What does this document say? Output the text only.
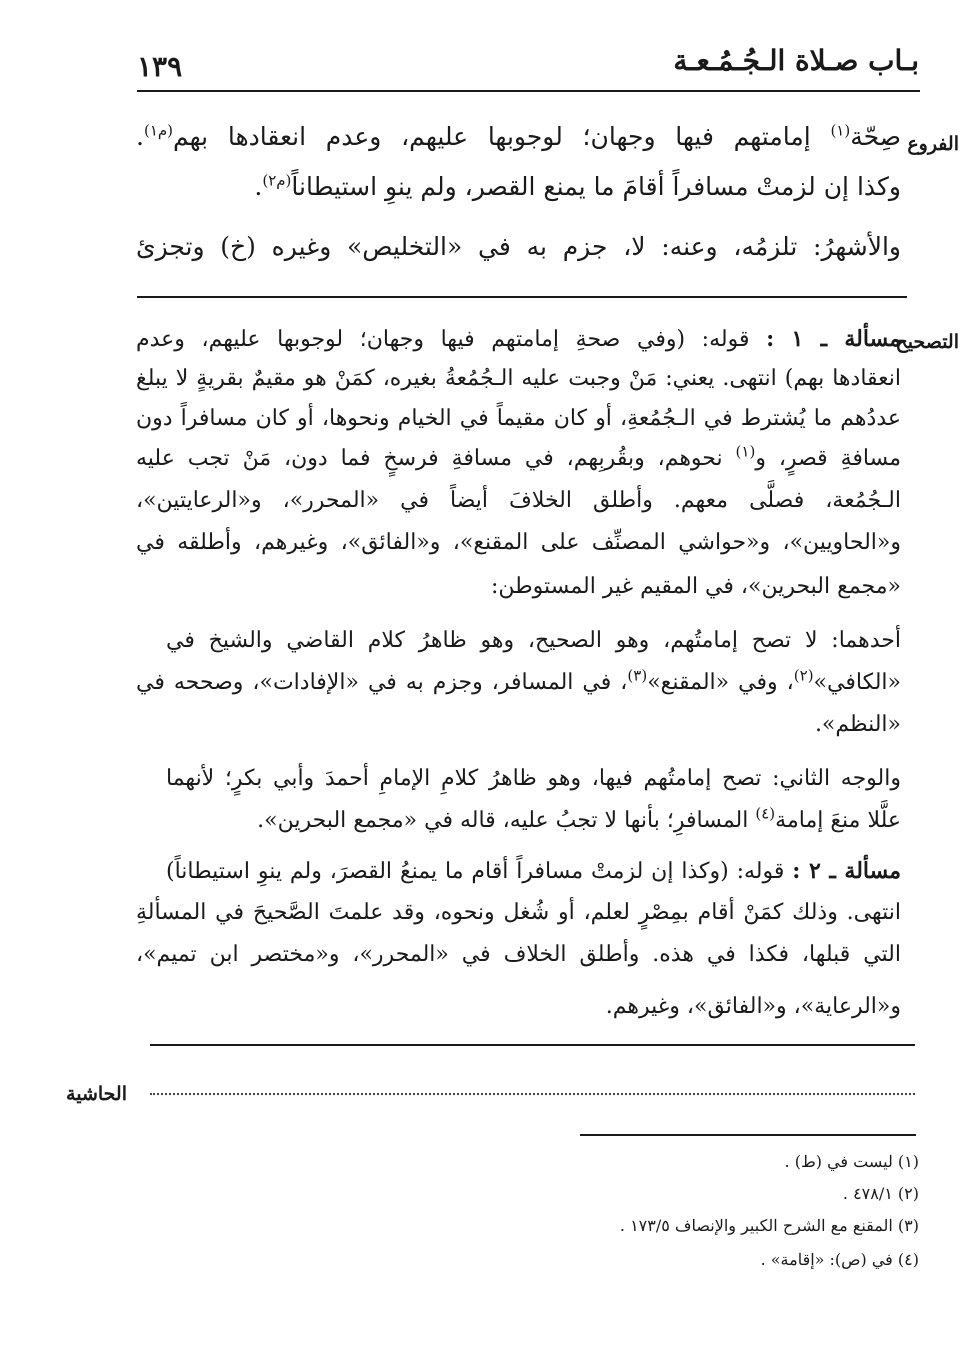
بـاب صـلاة الـجُـمُـعـة
١٣٩
الفروع
صِحّة$^{(١)}$ إمامتهم فيها وجهان؛ لوجوبها عليهم، وعدم انعقادها بهم$^{(م١)}$.
وكذا إن لزمتْ مسافراً أقامَ ما يمنع القصر، ولم ينوِ استيطاناً$^{(م٢)}$.
والأشهرُ: تلزمُه، وعنه: لا، جزم به في «التخليص» وغيره (خ) وتجزئ
التصحيح
مسألة ـ ١ : قوله: (وفي صحةِ إمامتهم فيها وجهان؛ لوجوبها عليهم، وعدم
انعقادها بهم) انتهى. يعني: مَنْ وجبت عليه الـجُمُعةُ بغيره، كمَنْ هو مقيمٌ بقريةٍ لا يبلغ
عددُهم ما يُشترط في الـجُمُعةِ، أو كان مقيماً في الخيام ونحوها، أو كان مسافراً دون
مسافةِ قصرٍ، و$^{(١)}$ نحوهم، وبقُربِهم، في مسافةِ فرسخٍ فما دون، مَنْ تجب عليه
الـجُمُعة، فصلَّى معهم. وأطلق الخلافَ أيضاً في «المحرر»، و«الرعايتين»،
و«الحاويين»، و«حواشي المصنِّف على المقنع»، و«الفائق»، وغيرهم، وأطلقه في
«مجمع البحرين»، في المقيم غير المستوطن:
أحدهما: لا تصح إمامتُهم، وهو الصحيح، وهو ظاهرُ كلام القاضي والشيخ في
«الكافي»$^{(٢)}$، وفي «المقنع»$^{(٣)}$، في المسافر، وجزم به في «الإفادات»، وصححه في
«النظم».
والوجه الثاني: تصح إمامتُهم فيها، وهو ظاهرُ كلامِ الإمامِ أحمدَ وأبي بكرٍ؛ لأنهما
علَّلا منعَ إمامة$^{(٤)}$ المسافرِ؛ بأنها لا تجبُ عليه، قاله في «مجمع البحرين».
مسألة ـ ٢ : قوله: (وكذا إن لزمتْ مسافراً أقام ما يمنعُ القصرَ، ولم ينوِ استيطاناً)
انتهى. وذلك كمَنْ أقام بمِصْرٍ لعلم، أو شُغل ونحوه، وقد علمتَ الصَّحيحَ في المسألةِ
التي قبلها، فكذا في هذه. وأطلق الخلاف في «المحرر»، و«مختصر ابن تميم»،
و«الرعاية»، و«الفائق»، وغيرهم.
الحاشية
(١) ليست في (ط) .
(٢) ٤٧٨/١ .
(٣) المقنع مع الشرح الكبير والإنصاف ١٧٣/٥ .
(٤) في (ص): «إقامة» .
